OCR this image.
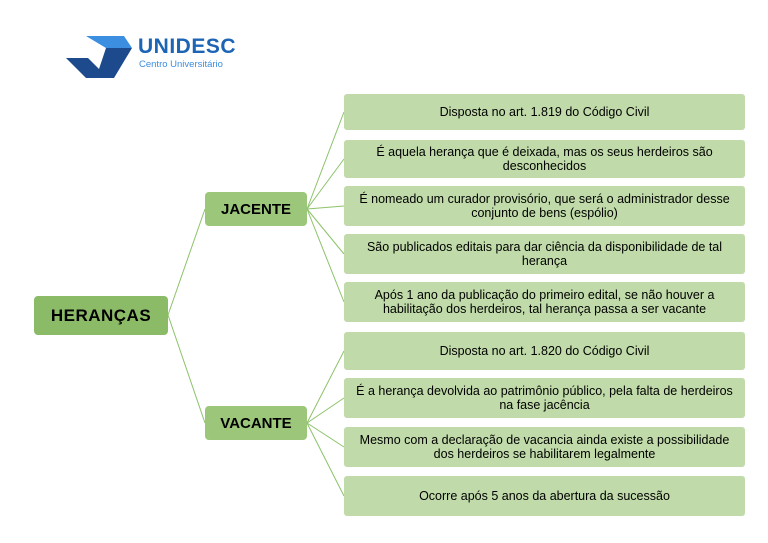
UNIDESC
Centro Universitário
HERANÇAS
JACENTE
VACANTE
Disposta no art. 1.819 do Código Civil
É aquela herança que é deixada, mas os seus herdeiros são desconhecidos
É nomeado um curador provisório, que será o administrador desse conjunto de bens (espólio)
São publicados editais para dar ciência da disponibilidade de tal herança
Após 1 ano da publicação do primeiro edital, se não houver a habilitação dos herdeiros, tal herança passa a ser vacante
Disposta no art. 1.820 do Código Civil
É a herança devolvida ao patrimônio público, pela falta de herdeiros na fase jacência
Mesmo com a declaração de vacancia ainda existe a possibilidade dos herdeiros se habilitarem legalmente
Ocorre após 5 anos da abertura da sucessão
